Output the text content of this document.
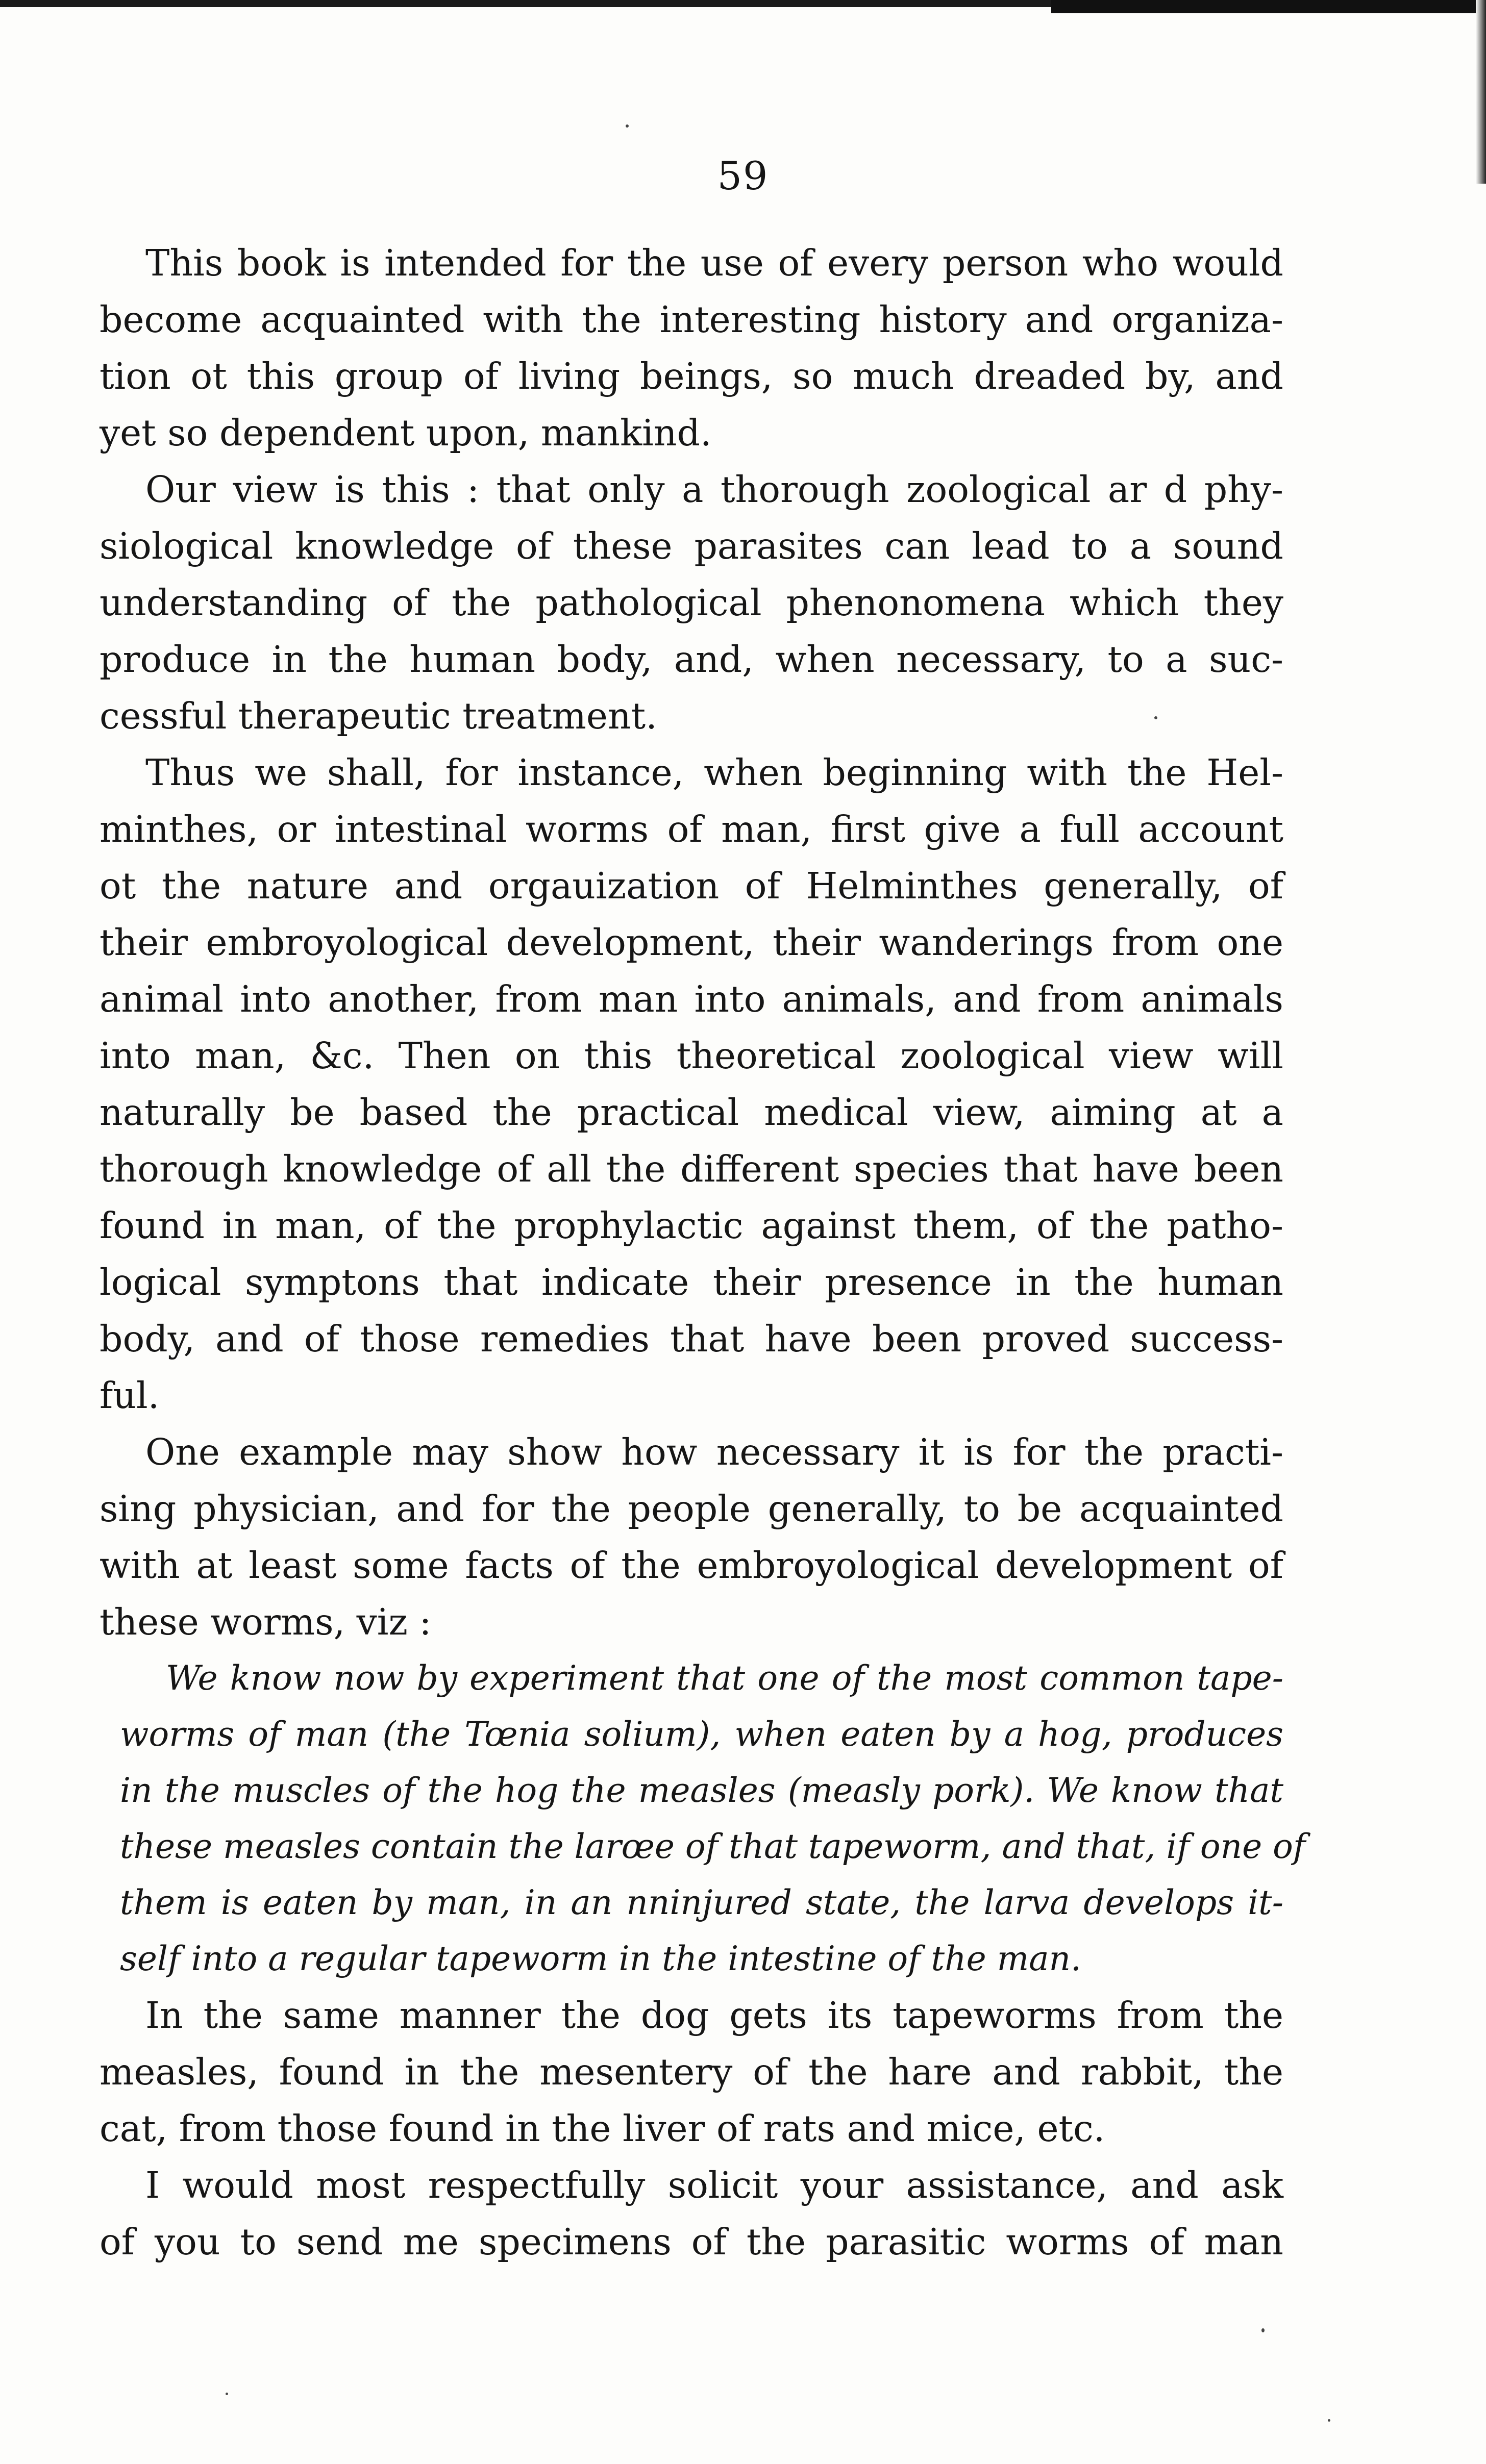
59
This book is intended for the use of every person who would
become acquainted with the interesting history and organiza-
tion ot this group of living beings, so much dreaded by, and
yet so dependent upon, mankind.
Our view is this : that only a thorough zoological ar d phy-
siological knowledge of these parasites can lead to a sound
understanding of the pathological phenonomena which they
produce in the human body, and, when necessary, to a suc-
cessful therapeutic treatment.
Thus we shall, for instance, when beginning with the Hel-
minthes, or intestinal worms of man, first give a full account
ot the nature and orgauization of Helminthes generally, of
their embroyological development, their wanderings from one
animal into another, from man into animals, and from animals
into man, &c. Then on this theoretical zoological view will
naturally be based the practical medical view, aiming at a
thorough knowledge of all the different species that have been
found in man, of the prophylactic against them, of the patho-
logical symptons that indicate their presence in the human
body, and of those remedies that have been proved success-
ful.
One example may show how necessary it is for the practi-
sing physician, and for the people generally, to be acquainted
with at least some facts of the embroyological development of
these worms, viz :
We know now by experiment that one of the most common tape-
worms of man (the Tœnia solium), when eaten by a hog, produces
in the muscles of the hog the measles (measly pork). We know that
these measles contain the larœe of that tapeworm, and that, if one of
them is eaten by man, in an nninjured state, the larva develops it-
self into a regular tapeworm in the intestine of the man.
In the same manner the dog gets its tapeworms from the
measles, found in the mesentery of the hare and rabbit, the
cat, from those found in the liver of rats and mice, etc.
I would most respectfully solicit your assistance, and ask
of you to send me specimens of the parasitic worms of man
